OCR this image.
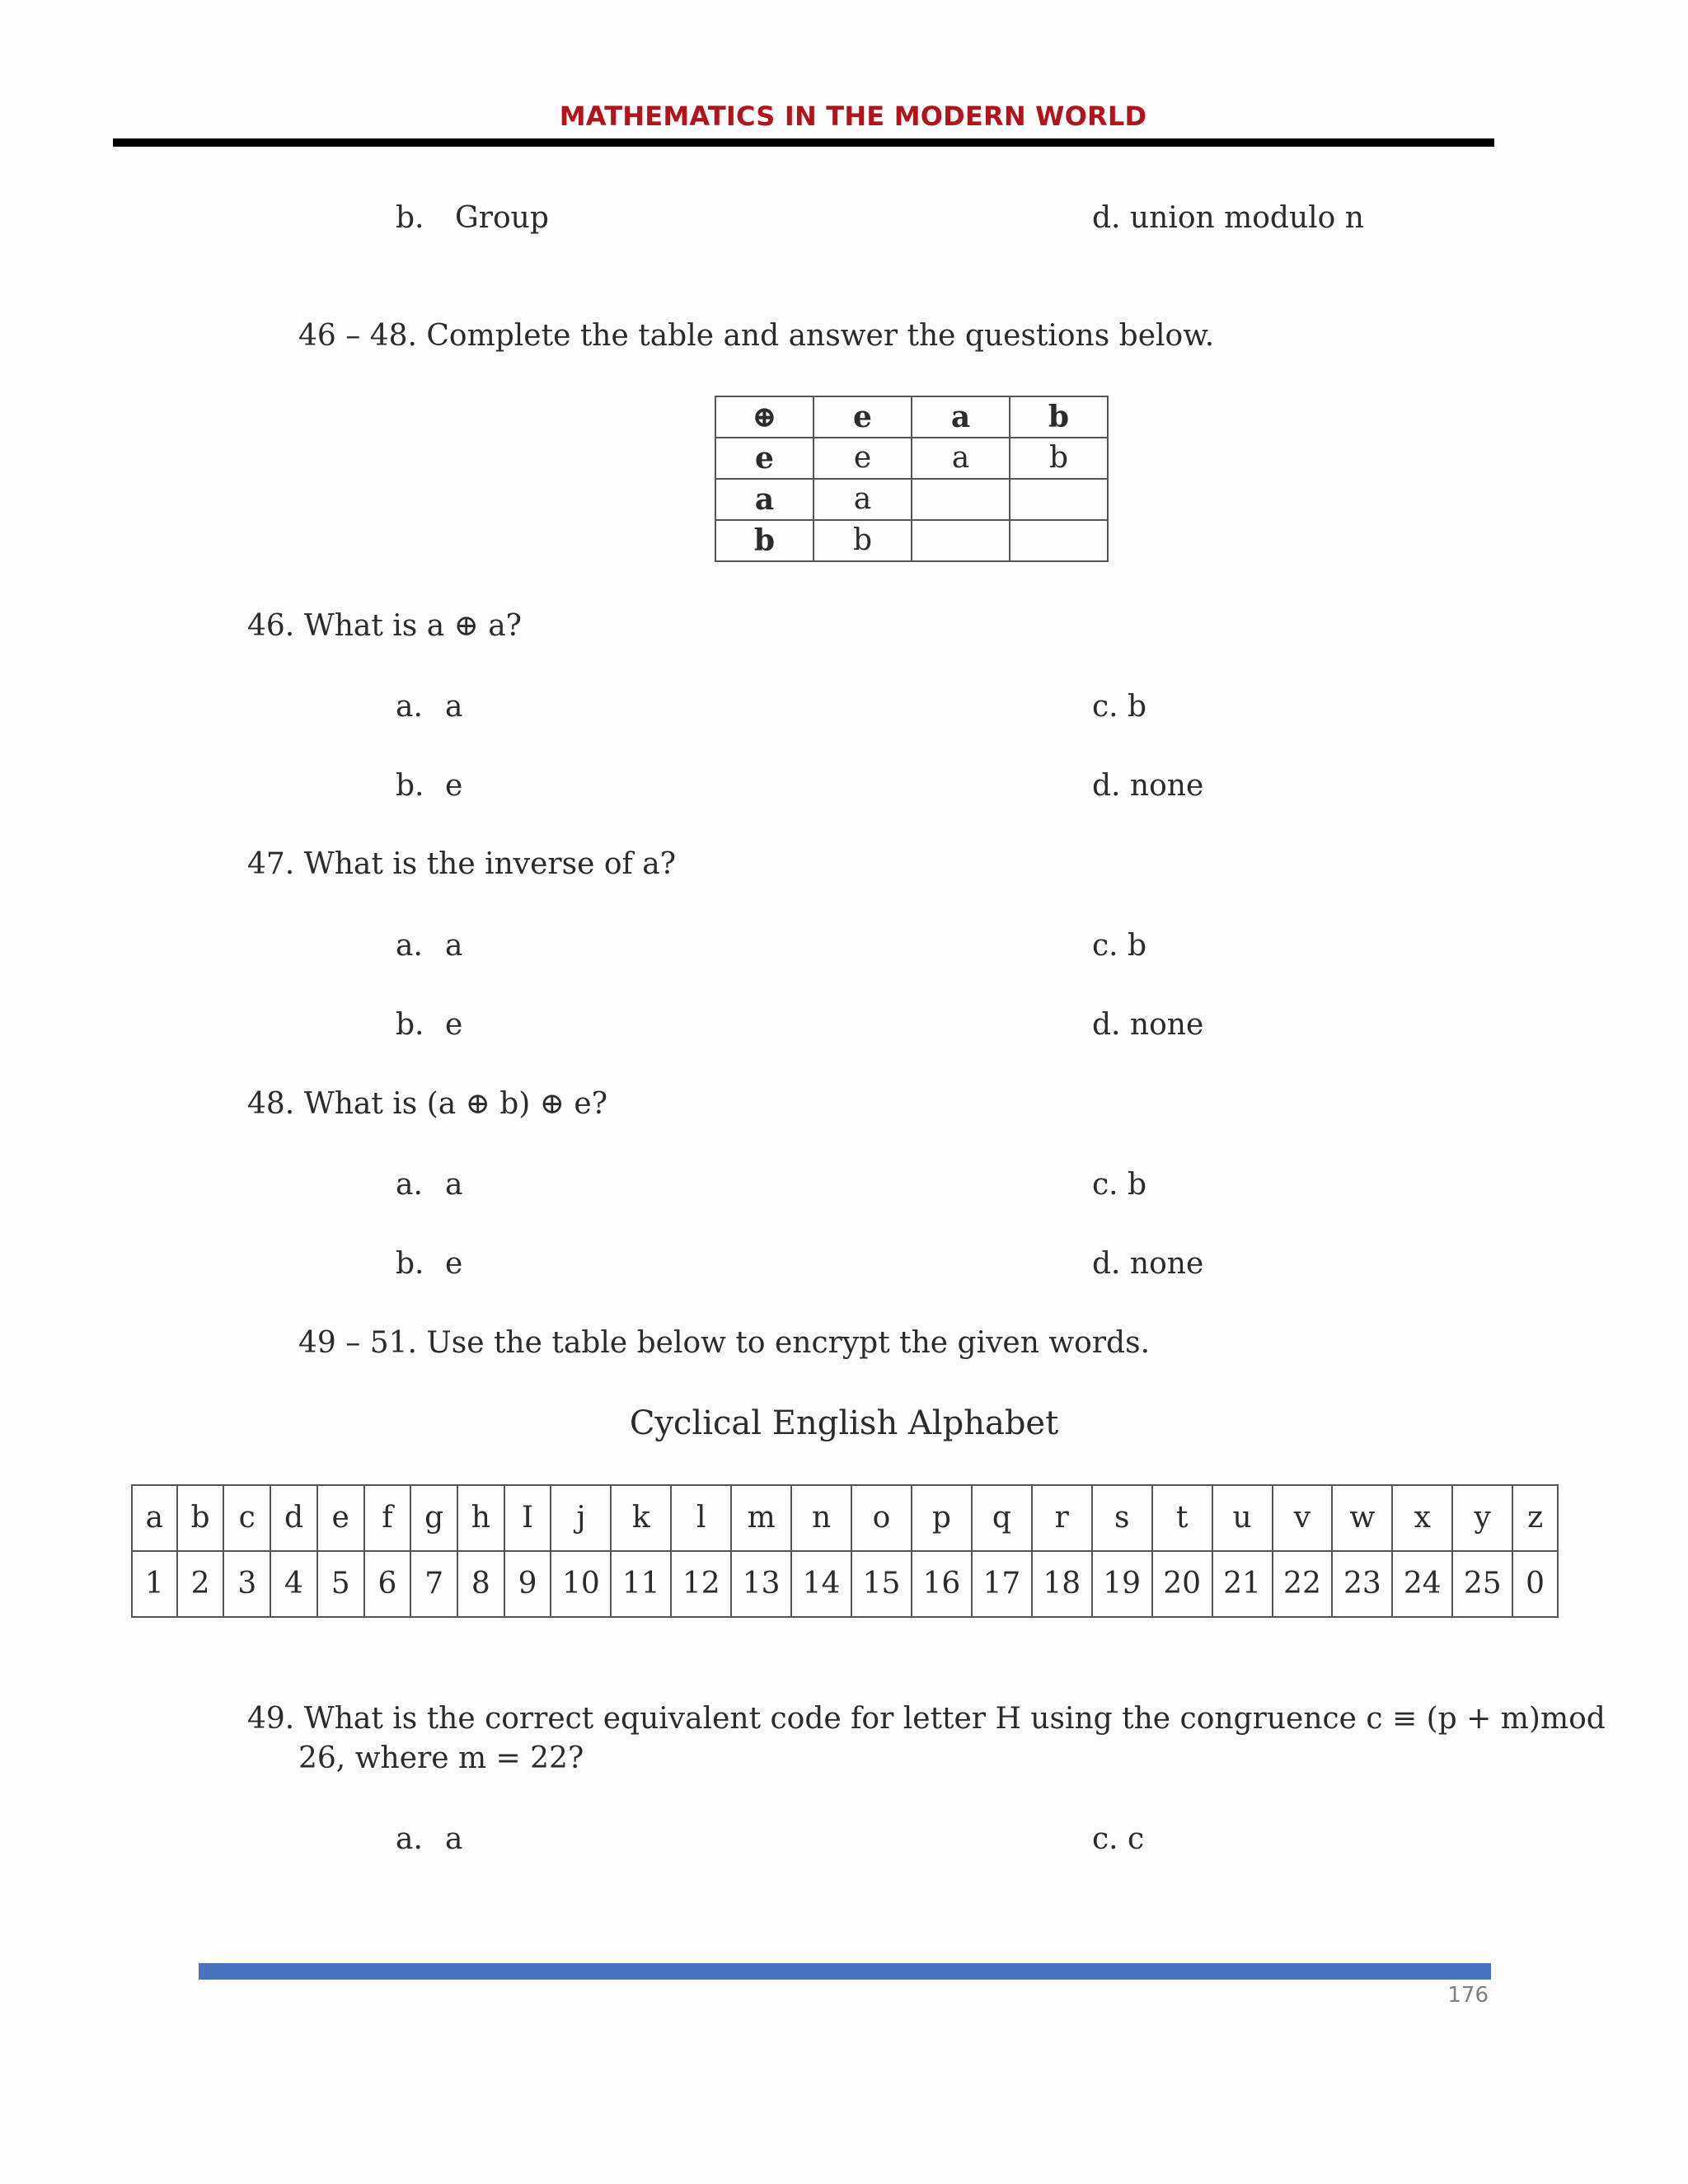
MATHEMATICS IN THE MODERN WORLD
b. Group	d. union modulo n
46 – 48. Complete the table and answer the questions below.
⊕	e	a	b
e	e	a	b
a	a		
b	b		
46. What is a ⊕ a?
a. a	c. b
b. e	d. none
47. What is the inverse of a?
a. a	c. b
b. e	d. none
48. What is (a ⊕ b) ⊕ e?
a. a	c. b
b. e	d. none
49 – 51. Use the table below to encrypt the given words.
Cyclical English Alphabet
a	b	c	d	e	f	g	h	I	j	k	l	m	n	o	p	q	r	s	t	u	v	w	x	y	z
1	2	3	4	5	6	7	8	9	10	11	12	13	14	15	16	17	18	19	20	21	22	23	24	25	0
49. What is the correct equivalent code for letter H using the congruence c ≡ (p + m)mod
26, where m = 22?
a. a	c. c
176
